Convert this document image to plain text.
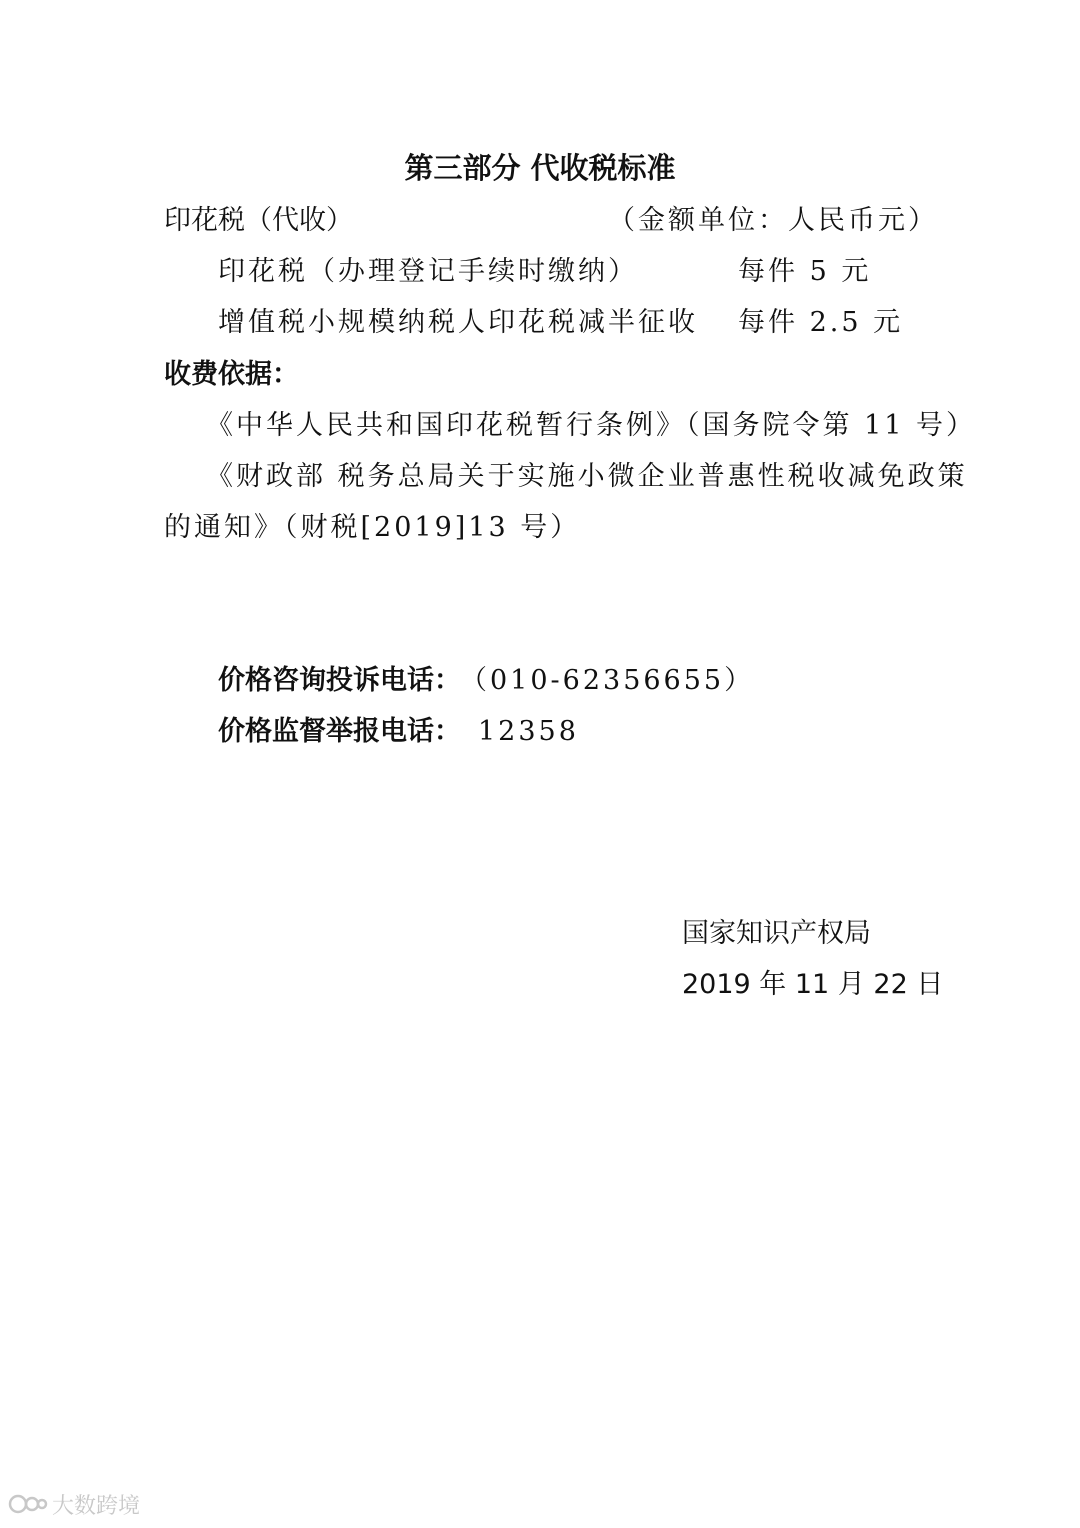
第三部分 代收税标准
印花税（代收）	（金额单位：人民币元）
印花税（办理登记手续时缴纳）	每件 5 元
增值税小规模纳税人印花税减半征收 每件 2.5 元
收费依据：
《中华人民共和国印花税暂行条例》（国务院令第 11 号）
《财政部 税务总局关于实施小微企业普惠性税收减免政策
的通知》（财税[2019]13 号）
价格咨询投诉电话： （010-62356655）
价格监督举报电话： 12358
国家知识产权局
2019 年 11 月 22 日
大数跨境
